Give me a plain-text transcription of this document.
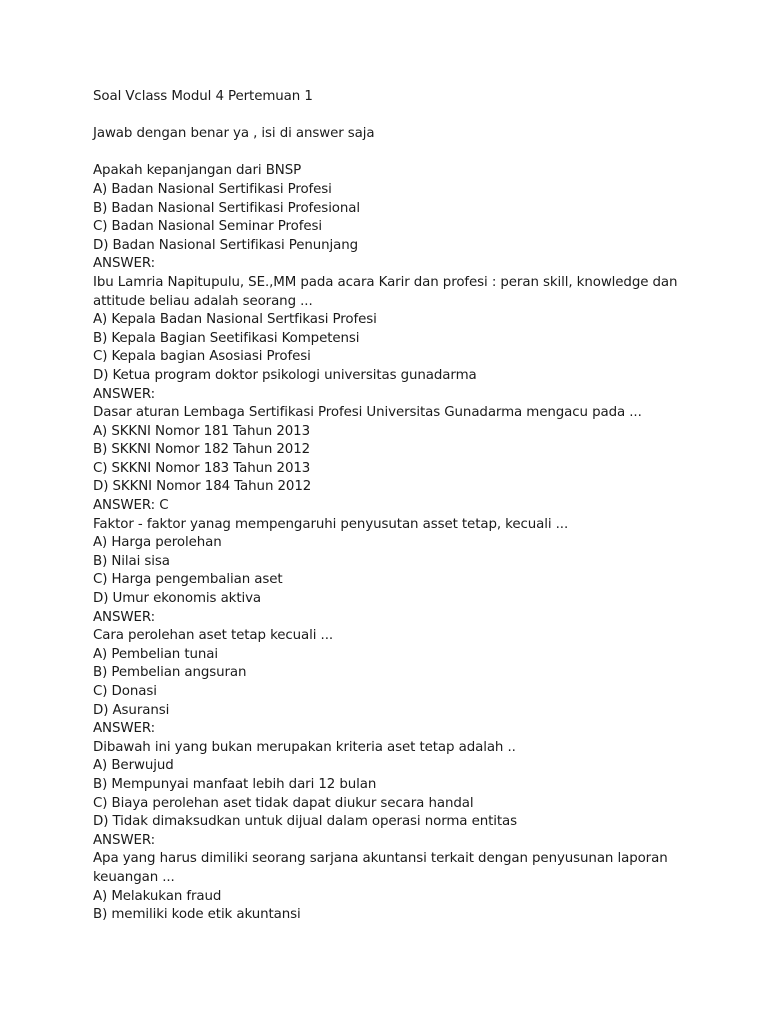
Soal Vclass Modul 4 Pertemuan 1
Jawab dengan benar ya , isi di answer saja
Apakah kepanjangan dari BNSP
A) Badan Nasional Sertifikasi Profesi
B) Badan Nasional Sertifikasi Profesional
C) Badan Nasional Seminar Profesi
D) Badan Nasional Sertifikasi Penunjang
ANSWER:
Ibu Lamria Napitupulu, SE.,MM pada acara Karir dan profesi : peran skill, knowledge dan
attitude beliau adalah seorang ...
A) Kepala Badan Nasional Sertfikasi Profesi
B) Kepala Bagian Seetifikasi Kompetensi
C) Kepala bagian Asosiasi Profesi
D) Ketua program doktor psikologi universitas gunadarma
ANSWER:
Dasar aturan Lembaga Sertifikasi Profesi Universitas Gunadarma mengacu pada ...
A) SKKNI Nomor 181 Tahun 2013
B) SKKNI Nomor 182 Tahun 2012
C) SKKNI Nomor 183 Tahun 2013
D) SKKNI Nomor 184 Tahun 2012
ANSWER: C
Faktor - faktor yanag mempengaruhi penyusutan asset tetap, kecuali ...
A) Harga perolehan
B) Nilai sisa
C) Harga pengembalian aset
D) Umur ekonomis aktiva
ANSWER:
Cara perolehan aset tetap kecuali ...
A) Pembelian tunai
B) Pembelian angsuran
C) Donasi
D) Asuransi
ANSWER:
Dibawah ini yang bukan merupakan kriteria aset tetap adalah ..
A) Berwujud
B) Mempunyai manfaat lebih dari 12 bulan
C) Biaya perolehan aset tidak dapat diukur secara handal
D) Tidak dimaksudkan untuk dijual dalam operasi norma entitas
ANSWER:
Apa yang harus dimiliki seorang sarjana akuntansi terkait dengan penyusunan laporan
keuangan ...
A) Melakukan fraud
B) memiliki kode etik akuntansi
